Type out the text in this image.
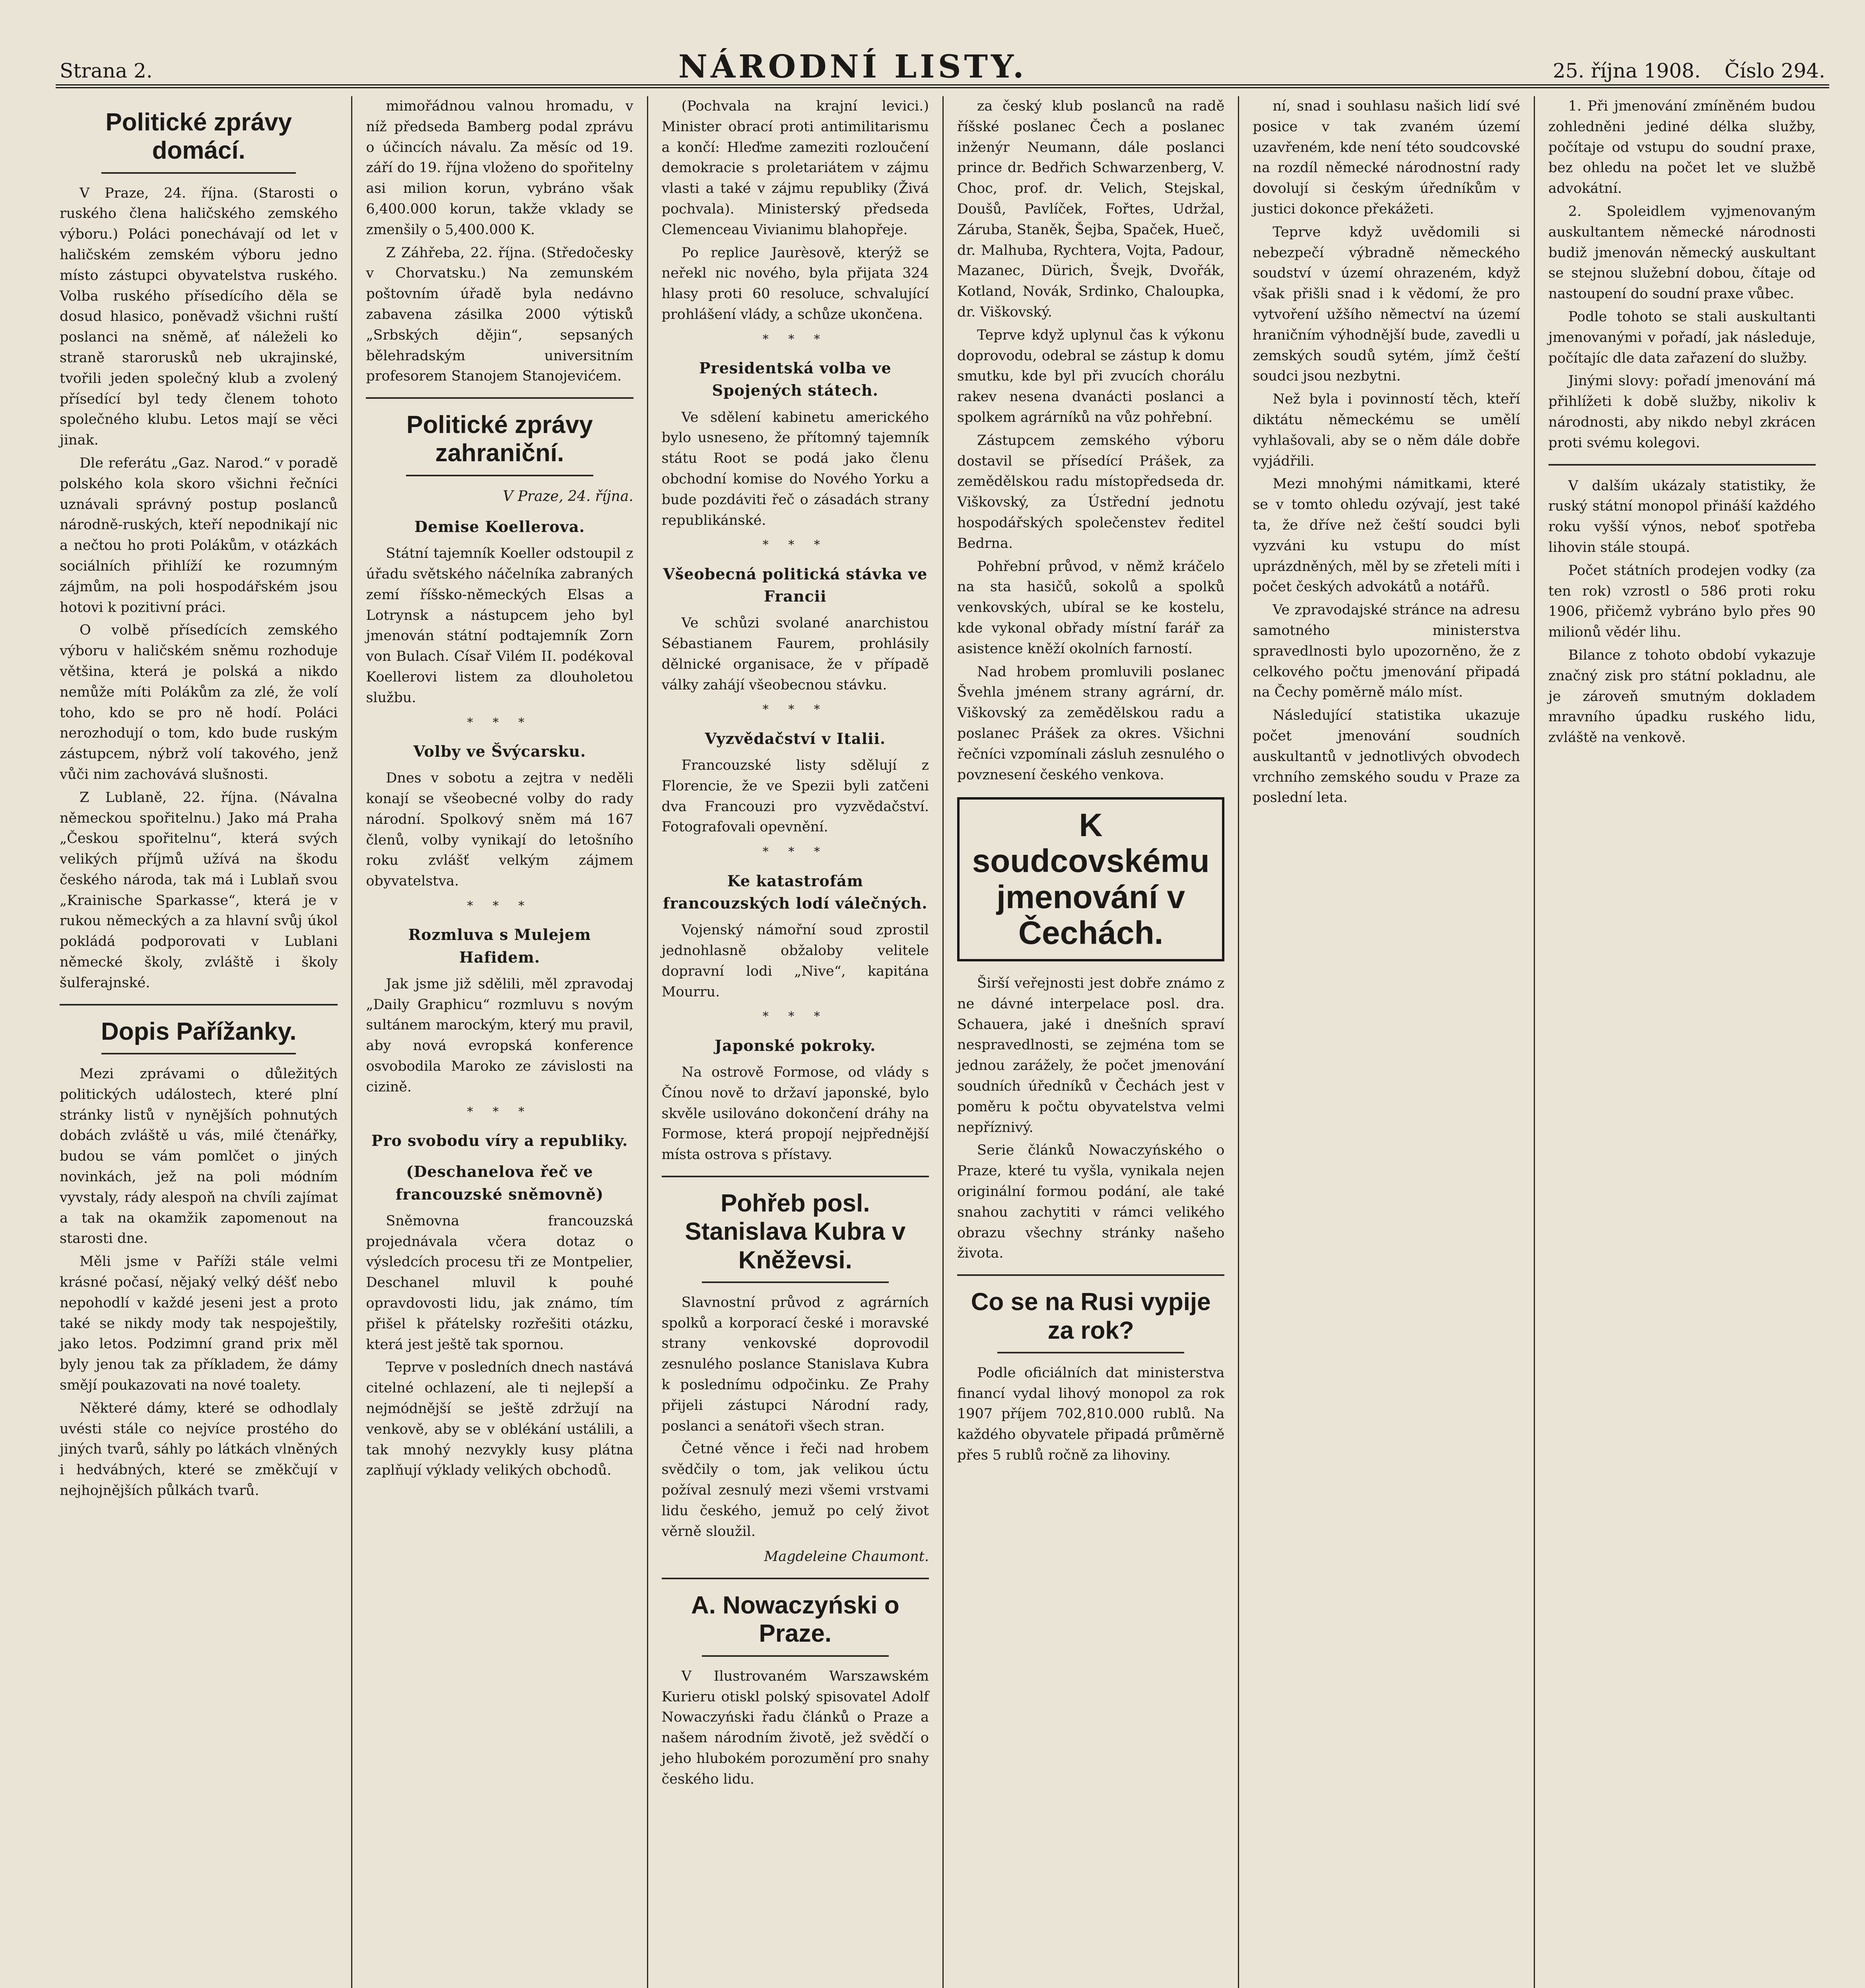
Strana 2.	NÁRODNÍ LISTY.	25. října 1908. Číslo 294.
Politické zprávy domácí.

V Praze, 24. října. (Starosti o ruského člena haličského zemského výboru.) Poláci ponechávají od let v haličském zemském výboru jedno místo zástupci obyvatelstva ruského. Volba ruského přísedícího děla se dosud hlasico, poněvadž všichni ruští poslanci na sněmě, ať náleželi ko straně starorusků neb ukrajinské, tvořili jeden společný klub a zvolený přísedící byl tedy členem tohoto společného klubu. Letos mají se věci jinak.

Dle referátu „Gaz. Narod.“ v poradě polského kola skoro všichni řečníci uznávali správný postup poslanců národně-ruských, kteří nepodnikají nic a nečtou ho proti Polákům, v otázkách sociálních přihlíží ke rozumným zájmům, na poli hospodářském jsou hotovi k pozitivní práci.

O volbě přísedících zemského výboru v haličském sněmu rozhoduje většina, která je polská a nikdo nemůže míti Polákům za zlé, že volí toho, kdo se pro ně hodí. Poláci nerozhodují o tom, kdo bude ruským zástupcem, nýbrž volí takového, jenž vůči nim zachovává slušnosti.

Z Lublaně, 22. října. (Návalna německou spořitelnu.) Jako má Praha „Českou spořitelnu“, která svých velikých příjmů užívá na škodu českého národa, tak má i Lublaň svou „Krainische Sparkasse“, která je v rukou německých a za hlavní svůj úkol pokládá podporovati v Lublani německé školy, zvláště i školy šulferajnské.

Dopis Pařížanky.

Mezi zprávami o důležitých politických událostech, které plní stránky listů v nynějších pohnutých dobách zvláště u vás, milé čtenářky, budou se vám pomlčet o jiných novinkách, jež na poli módním vyvstaly, rády alespoň na chvíli zajímat a tak na okamžik zapomenout na starosti dne.

Měli jsme v Paříži stále velmi krásné počasí, nějaký velký déšť nebo nepohodlí v každé jeseni jest a proto také se nikdy mody tak nespoještily, jako letos. Podzimní grand prix měl byly jenou tak za příkladem, že dámy smějí poukazovati na nové toalety.

Některé dámy, které se odhodlaly uvésti stále co nejvíce prostého do jiných tvarů, sáhly po látkách vlněných i hedvábných, které se změkčují v nejhojnějších půlkách tvarů.

mimořádnou valnou hromadu, v níž předseda Bamberg podal zprávu o účincích návalu. Za měsíc od 19. září do 19. října vloženo do spořitelny asi milion korun, vybráno však 6,400.000 korun, takže vklady se zmenšily o 5,400.000 K.

Z Záhřeba, 22. října. (Středočesky v Chorvatsku.) Na zemunském poštovním úřadě byla nedávno zabavena zásilka 2000 výtisků „Srbských dějin“, sepsaných bělehradským universitním profesorem Stanojem Stanojevićem.

Politické zprávy zahraniční.
V Praze, 24. října.
Demise Koellerova.

Státní tajemník Koeller odstoupil z úřadu světského náčelníka zabraných zemí říšsko-německých Elsas a Lotrynsk a nástupcem jeho byl jmenován státní podtajemník Zorn von Bulach. Císař Vilém II. podékoval Koellerovi listem za dlouholetou službu.

* * *
Volby ve Švýcarsku.

Dnes v sobotu a zejtra v neděli konají se všeobecné volby do rady národní. Spolkový sněm má 167 členů, volby vynikají do letošního roku zvlášť velkým zájmem obyvatelstva.

* * *
Rozmluva s Mulejem Hafidem.

Jak jsme již sdělili, měl zpravodaj „Daily Graphicu“ rozmluvu s novým sultánem marockým, který mu pravil, aby nová evropská konference osvobodila Maroko ze závislosti na cizině.

* * *
Pro svobodu víry a republiky.
(Deschanelova řeč ve francouzské sněmovně)

Sněmovna francouzská projednávala včera dotaz o výsledcích procesu tři ze Montpelier, Deschanel mluvil k pouhé opravdovosti lidu, jak známo, tím přišel k přátelsky rozřešiti otázku, která jest ještě tak spornou.

Teprve v posledních dnech nastává citelné ochlazení, ale ti nejlepší a nejmódnější se ještě zdržují na venkově, aby se v oblékání ustálili, a tak mnohý nezvykly kusy plátna zaplňují výklady velikých obchodů.

(Pochvala na krajní levici.) Minister obrací proti antimilitarismu a končí: Hleďme zameziti rozloučení demokracie s proletariátem v zájmu vlasti a také v zájmu republiky (Živá pochvala). Ministerský předseda Clemenceau Vivianimu blahopřeje.

Po replice Jaurèsově, kterýž se neřekl nic nového, byla přijata 324 hlasy proti 60 resoluce, schvalující prohlášení vlády, a schůze ukončena.

* * *
Presidentská volba ve Spojených státech.

Ve sdělení kabinetu amerického bylo usneseno, že přítomný tajemník státu Root se podá jako členu obchodní komise do Nového Yorku a bude pozdáviti řeč o zásadách strany republikánské.

* * *
Všeobecná politická stávka ve Francii

Ve schůzi svolané anarchistou Sébastianem Faurem, prohlásily dělnické organisace, že v případě války zahájí všeobecnou stávku.

* * *
Vyzvědačství v Italii.

Francouzské listy sdělují z Florencie, že ve Spezii byli zatčeni dva Francouzi pro vyzvědačství. Fotografovali opevnění.

* * *
Ke katastrofám francouzských lodí válečných.

Vojenský námořní soud zprostil jednohlasně obžaloby velitele dopravní lodi „Nive“, kapitána Mourru.

* * *
Japonské pokroky.

Na ostrově Formose, od vlády s Čínou nově to državí japonské, bylo skvěle usilováno dokončení dráhy na Formose, která propojí nejpřednější místa ostrova s přístavy.

Pohřeb posl. Stanislava Kubra v Kněževsi.

Slavnostní průvod z agrárních spolků a korporací české i moravské strany venkovské doprovodil zesnulého poslance Stanislava Kubra k poslednímu odpočinku. Ze Prahy přijeli zástupci Národní rady, poslanci a senátoři všech stran.

Četné věnce i řeči nad hrobem svědčily o tom, jak velikou úctu požíval zesnulý mezi všemi vrstvami lidu českého, jemuž po celý život věrně sloužil.

Magdeleine Chaumont.
A. Nowaczyński o Praze.

V Ilustrovaném Warszawském Kurieru otiskl polský spisovatel Adolf Nowaczyński řadu článků o Praze a našem národním životě, jež svědčí o jeho hlubokém porozumění pro snahy českého lidu.

za český klub poslanců na radě říšské poslanec Čech a poslanec inženýr Neumann, dále poslanci prince dr. Bedřich Schwarzenberg, V. Choc, prof. dr. Velich, Stejskal, Doušů, Pavlíček, Fořtes, Udržal, Záruba, Staněk, Šejba, Spaček, Hueč, dr. Malhuba, Rychtera, Vojta, Padour, Mazanec, Dürich, Švejk, Dvořák, Kotland, Novák, Srdinko, Chaloupka, dr. Viškovský.

Teprve když uplynul čas k výkonu doprovodu, odebral se zástup k domu smutku, kde byl při zvucích chorálu rakev nesena dvanácti poslanci a spolkem agrárníků na vůz pohřební.

Zástupcem zemského výboru dostavil se přísedící Prášek, za zemědělskou radu místopředseda dr. Viškovský, za Ústřední jednotu hospodářských společenstev ředitel Bedrna.

Pohřební průvod, v němž kráčelo na sta hasičů, sokolů a spolků venkovských, ubíral se ke kostelu, kde vykonal obřady místní farář za asistence kněží okolních farností.

Nad hrobem promluvili poslanec Švehla jménem strany agrární, dr. Viškovský za zemědělskou radu a poslanec Prášek za okres. Všichni řečníci vzpomínali zásluh zesnulého o povznesení českého venkova.

K soudcovskému jmenování v Čechách.

Širší veřejnosti jest dobře známo z ne dávné interpelace posl. dra. Schauera, jaké i dnešních spraví nespravedlnosti, se zejména tom se jednou zarážely, že počet jmenování soudních úředníků v Čechách jest v poměru k počtu obyvatelstva velmi nepříznivý.

Serie článků Nowaczyńského o Praze, které tu vyšla, vynikala nejen originální formou podání, ale také snahou zachytiti v rámci velikého obrazu všechny stránky našeho života.

Co se na Rusi vypije za rok?

Podle oficiálních dat ministerstva financí vydal lihový monopol za rok 1907 příjem 702,810.000 rublů. Na každého obyvatele připadá průměrně přes 5 rublů ročně za lihoviny.

ní, snad i souhlasu našich lidí své posice v tak zvaném území uzavřeném, kde není této soudcovské na rozdíl německé národnostní rady dovolují si českým úředníkům v justici dokonce překážeti.

Teprve když uvědomili si nebezpečí výbradně německého soudství v území ohrazeném, když však přišli snad i k vědomí, že pro vytvoření užšího němectví na území hraničním výhodnější bude, zavedli u zemských soudů sytém, jímž čeští soudci jsou nezbytni.

Než byla i povinností těch, kteří diktátu německému se umělí vyhlašovali, aby se o něm dále dobře vyjádřili.

Mezi mnohými námitkami, které se v tomto ohledu ozývají, jest také ta, že dříve než čeští soudci byli vyzváni ku vstupu do míst uprázdněných, měl by se zřeteli míti i počet českých advokátů a notářů.

Ve zpravodajské stránce na adresu samotného ministerstva spravedlnosti bylo upozorněno, že z celkového počtu jmenování připadá na Čechy poměrně málo míst.

Následující statistika ukazuje počet jmenování soudních auskultantů v jednotlivých obvodech vrchního zemského soudu v Praze za poslední leta.

1. Při jmenování zmíněném budou zohledněni jediné délka služby, počítaje od vstupu do soudní praxe, bez ohledu na počet let ve službě advokátní.

2. Spoleidlem vyjmenovaným auskultantem německé národnosti budiž jmenován německý auskultant se stejnou služební dobou, čítaje od nastoupení do soudní praxe vůbec.

Podle tohoto se stali auskultanti jmenovanými v pořadí, jak následuje, počítajíc dle data zařazení do služby.

Jinými slovy: pořadí jmenování má přihlížeti k době služby, nikoliv k národnosti, aby nikdo nebyl zkrácen proti svému kolegovi.

V dalším ukázaly statistiky, že ruský státní monopol přináší každého roku vyšší výnos, neboť spotřeba lihovin stále stoupá.

Počet státních prodejen vodky (za ten rok) vzrostl o 586 proti roku 1906, přičemž vybráno bylo přes 90 milionů vědér lihu.

Bilance z tohoto období vykazuje značný zisk pro státní pokladnu, ale je zároveň smutným dokladem mravního úpadku ruského lidu, zvláště na venkově.
